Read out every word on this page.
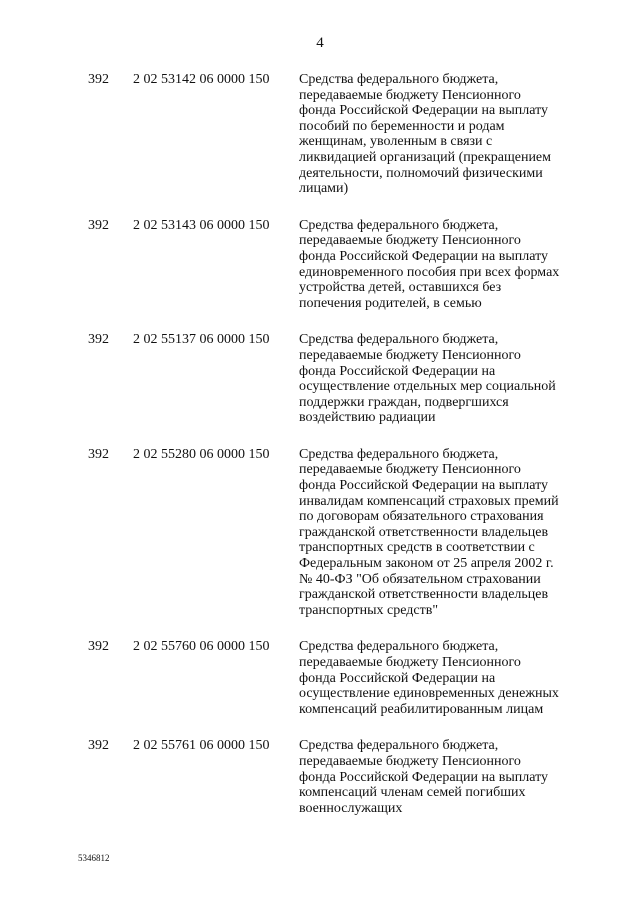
4
392 2 02 53142 06 0000 150 Средства федерального бюджета,
передаваемые бюджету Пенсионного
фонда Российской Федерации на выплату
пособий по беременности и родам
женщинам, уволенным в связи с
ликвидацией организаций (прекращением
деятельности, полномочий физическими
лицами)
392 2 02 53143 06 0000 150 Средства федерального бюджета,
передаваемые бюджету Пенсионного
фонда Российской Федерации на выплату
единовременного пособия при всех формах
устройства детей, оставшихся без
попечения родителей, в семью
392 2 02 55137 06 0000 150 Средства федерального бюджета,
передаваемые бюджету Пенсионного
фонда Российской Федерации на
осуществление отдельных мер социальной
поддержки граждан, подвергшихся
воздействию радиации
392 2 02 55280 06 0000 150 Средства федерального бюджета,
передаваемые бюджету Пенсионного
фонда Российской Федерации на выплату
инвалидам компенсаций страховых премий
по договорам обязательного страхования
гражданской ответственности владельцев
транспортных средств в соответствии с
Федеральным законом от 25 апреля 2002 г.
№ 40-ФЗ "Об обязательном страховании
гражданской ответственности владельцев
транспортных средств"
392 2 02 55760 06 0000 150 Средства федерального бюджета,
передаваемые бюджету Пенсионного
фонда Российской Федерации на
осуществление единовременных денежных
компенсаций реабилитированным лицам
392 2 02 55761 06 0000 150 Средства федерального бюджета,
передаваемые бюджету Пенсионного
фонда Российской Федерации на выплату
компенсаций членам семей погибших
военнослужащих
5346812
